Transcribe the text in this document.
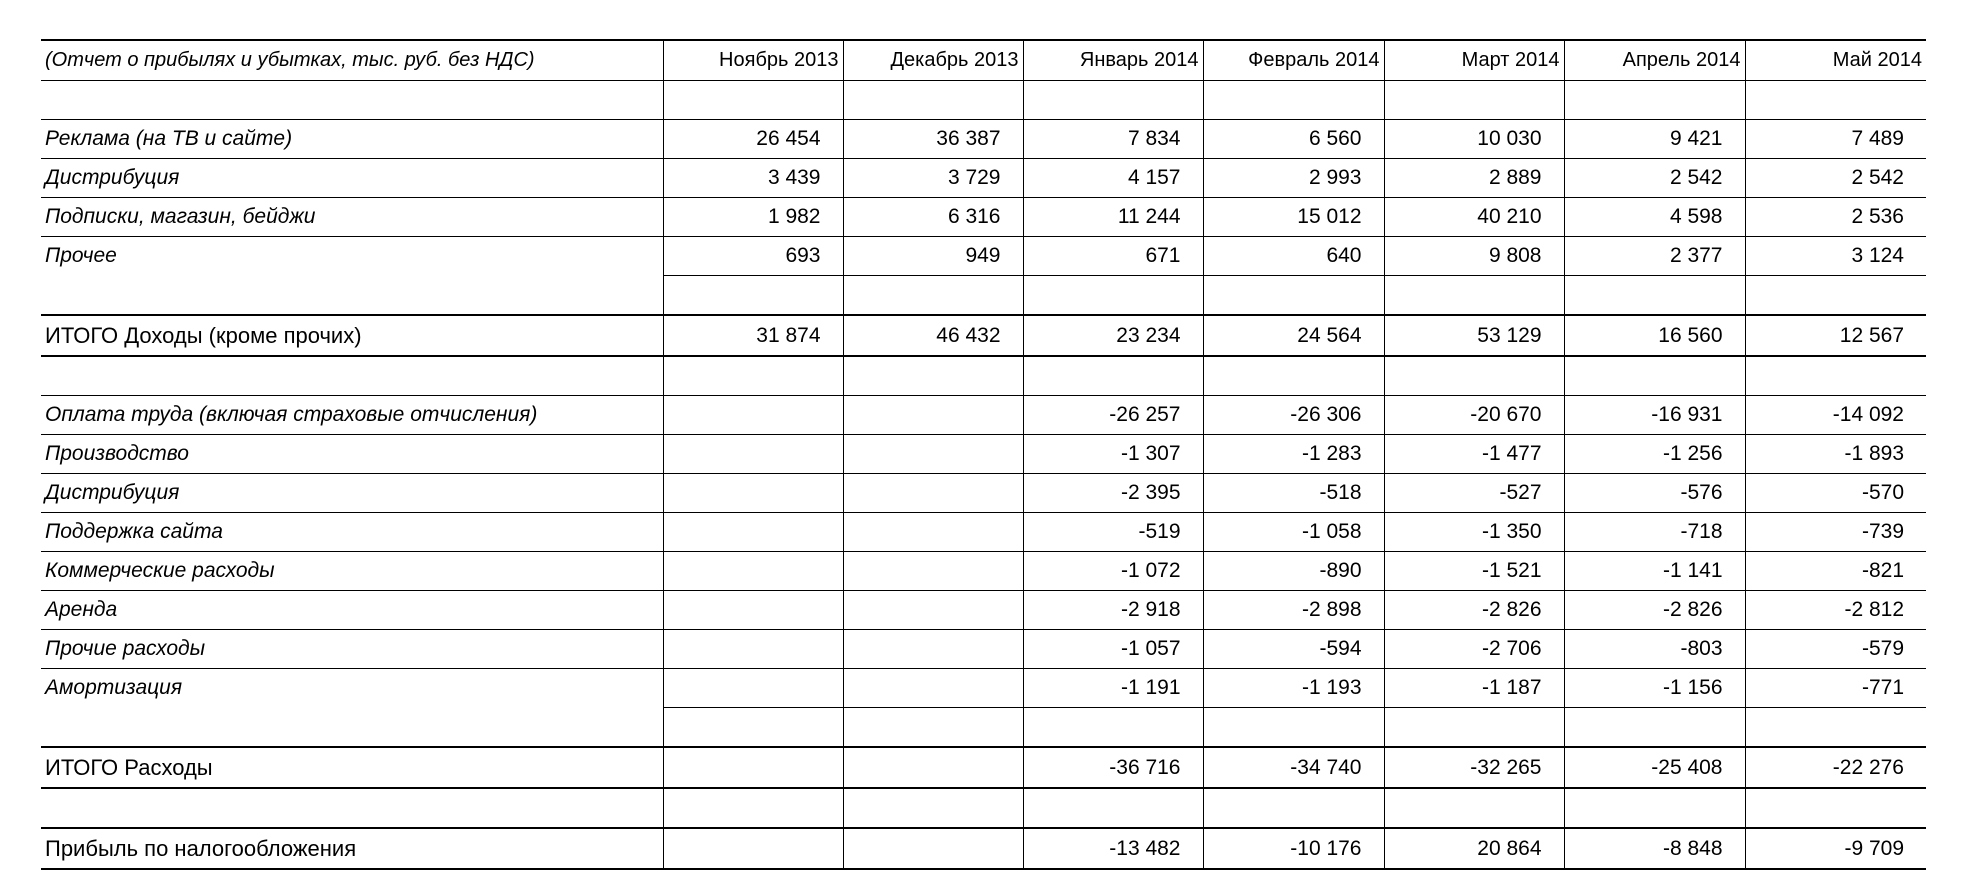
(Отчет о прибылях и убытках, тыс. руб. без НДС)	Ноябрь 2013	Декабрь 2013	Январь 2014	Февраль 2014	Март 2014	Апрель 2014	Май 2014

Реклама (на ТВ и сайте)	26 454	36 387	7 834	6 560	10 030	9 421	7 489
Дистрибуция	3 439	3 729	4 157	2 993	2 889	2 542	2 542
Подписки, магазин, бейджи	1 982	6 316	11 244	15 012	40 210	4 598	2 536
Прочее	693	949	671	640	9 808	2 377	3 124

ИТОГО Доходы (кроме прочих)	31 874	46 432	23 234	24 564	53 129	16 560	12 567

Оплата труда (включая страховые отчисления)			-26 257	-26 306	-20 670	-16 931	-14 092
Производство			-1 307	-1 283	-1 477	-1 256	-1 893
Дистрибуция			-2 395	-518	-527	-576	-570
Поддержка сайта			-519	-1 058	-1 350	-718	-739
Коммерческие расходы			-1 072	-890	-1 521	-1 141	-821
Аренда			-2 918	-2 898	-2 826	-2 826	-2 812
Прочие расходы			-1 057	-594	-2 706	-803	-579
Амортизация			-1 191	-1 193	-1 187	-1 156	-771

ИТОГО Расходы			-36 716	-34 740	-32 265	-25 408	-22 276

Прибыль по налогообложения			-13 482	-10 176	20 864	-8 848	-9 709
